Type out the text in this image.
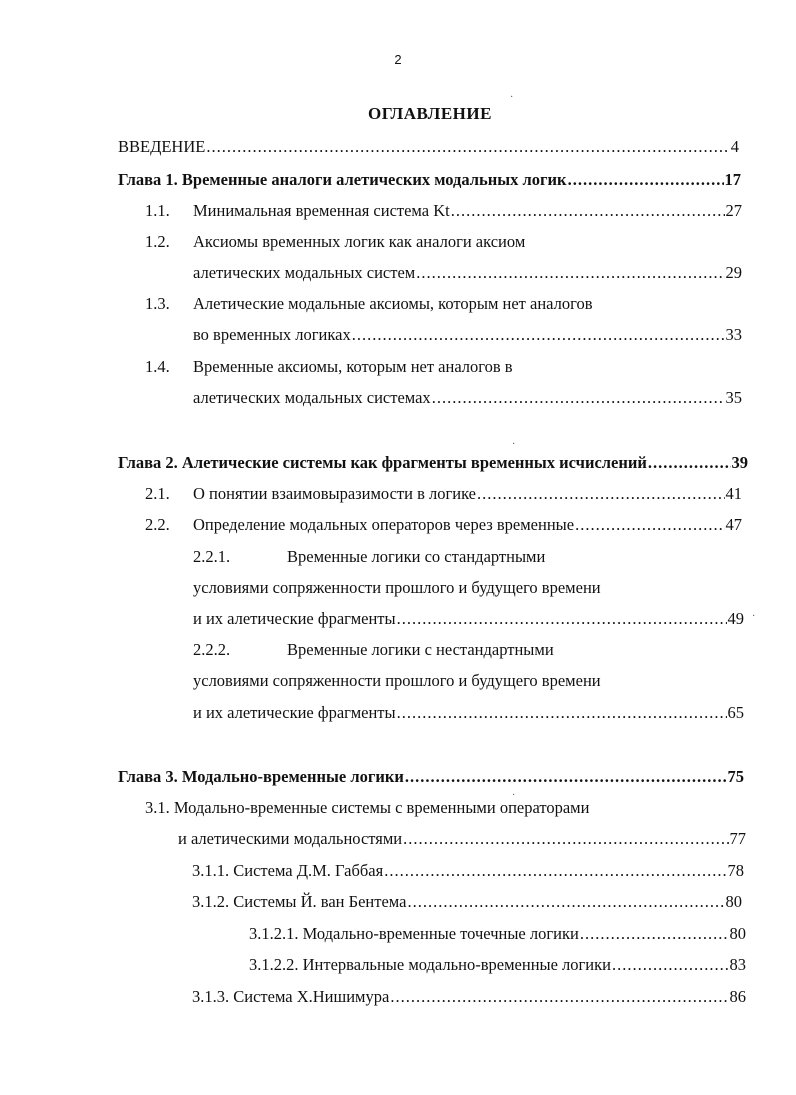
2
ОГЛАВЛЕНИЕ
·
·
·
·
ВВЕДЕНИЕ .....	4
Глава 1. Временные аналоги алетических модальных логик .....	17
1.1.	Минимальная временная система Kt .....	27
1.2.	Аксиомы временных логик как аналоги аксиом
алетических модальных систем .....	29
1.3.	Алетические модальные аксиомы, которым нет аналогов
во временных логиках .....	33
1.4.	Временные аксиомы, которым нет аналогов в
алетических модальных системах .....	35
Глава 2. Алетические системы как фрагменты временных исчислений .....	39
2.1.	О понятии взаимовыразимости в логике .....	41
2.2.	Определение модальных операторов через временные .....	47
2.2.1.	Временные логики со стандартными
условиями сопряженности прошлого и будущего времени
и их алетические фрагменты .....	49
2.2.2.	Временные логики с нестандартными
условиями сопряженности прошлого и будущего времени
и их алетические фрагменты .....	65
Глава 3. Модально-временные логики .....	75
3.1. Модально-временные системы с временными операторами
и алетическими модальностями .....	77
3.1.1. Система Д.М. Габбая .....	78
3.1.2. Системы Й. ван Бентема .....	80
3.1.2.1. Модально-временные точечные логики .....	80
3.1.2.2. Интервальные модально-временные логики .....	83
3.1.3. Система Х.Нишимура .....	86
